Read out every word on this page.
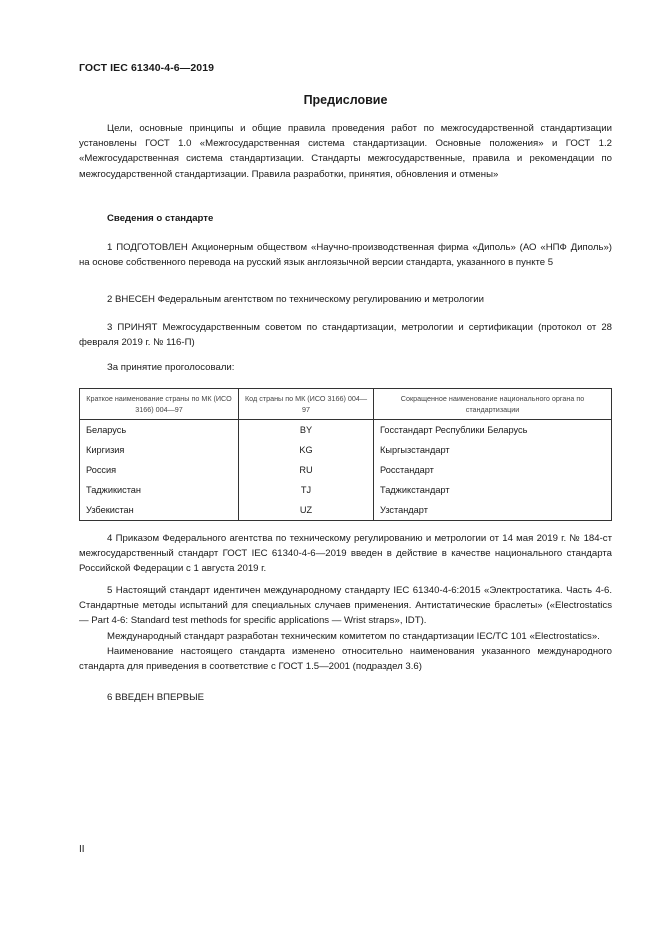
ГОСТ IEC 61340-4-6—2019
Предисловие

Цели, основные принципы и общие правила проведения работ по межгосударственной стандартизации установлены ГОСТ 1.0 «Межгосударственная система стандартизации. Основные положения» и ГОСТ 1.2 «Межгосударственная система стандартизации. Стандарты межгосударственные, правила и рекомендации по межгосударственной стандартизации. Правила разработки, принятия, обновления и отмены»

Сведения о стандарте

1 ПОДГОТОВЛЕН Акционерным обществом «Научно-производственная фирма «Диполь» (АО «НПФ Диполь») на основе собственного перевода на русский язык англоязычной версии стандарта, указанного в пункте 5

2 ВНЕСЕН Федеральным агентством по техническому регулированию и метрологии

3 ПРИНЯТ Межгосударственным советом по стандартизации, метрологии и сертификации (протокол от 28 февраля 2019 г. № 116-П)

За принятие проголосовали:

Краткое наименование страны по МК (ИСО 3166) 004—97	Код страны по МК (ИСО 3166) 004—97	Сокращенное наименование национального органа по стандартизации
Беларусь	BY	Госстандарт Республики Беларусь
Киргизия	KG	Кыргызстандарт
Россия	RU	Росстандарт
Таджикистан	TJ	Таджикстандарт
Узбекистан	UZ	Узстандарт

4 Приказом Федерального агентства по техническому регулированию и метрологии от 14 мая 2019 г. № 184-ст межгосударственный стандарт ГОСТ IEC 61340-4-6—2019 введен в действие в качестве национального стандарта Российской Федерации с 1 августа 2019 г.

5 Настоящий стандарт идентичен международному стандарту IEC 61340-4-6:2015 «Электростатика. Часть 4-6. Стандартные методы испытаний для специальных случаев применения. Антистатические браслеты» («Electrostatics — Part 4-6: Standard test methods for specific applications — Wrist straps», IDT).

Международный стандарт разработан техническим комитетом по стандартизации IEC/TC 101 «Electrostatics».

Наименование настоящего стандарта изменено относительно наименования указанного международного стандарта для приведения в соответствие с ГОСТ 1.5—2001 (подраздел 3.6)

6 ВВЕДЕН ВПЕРВЫЕ

II
